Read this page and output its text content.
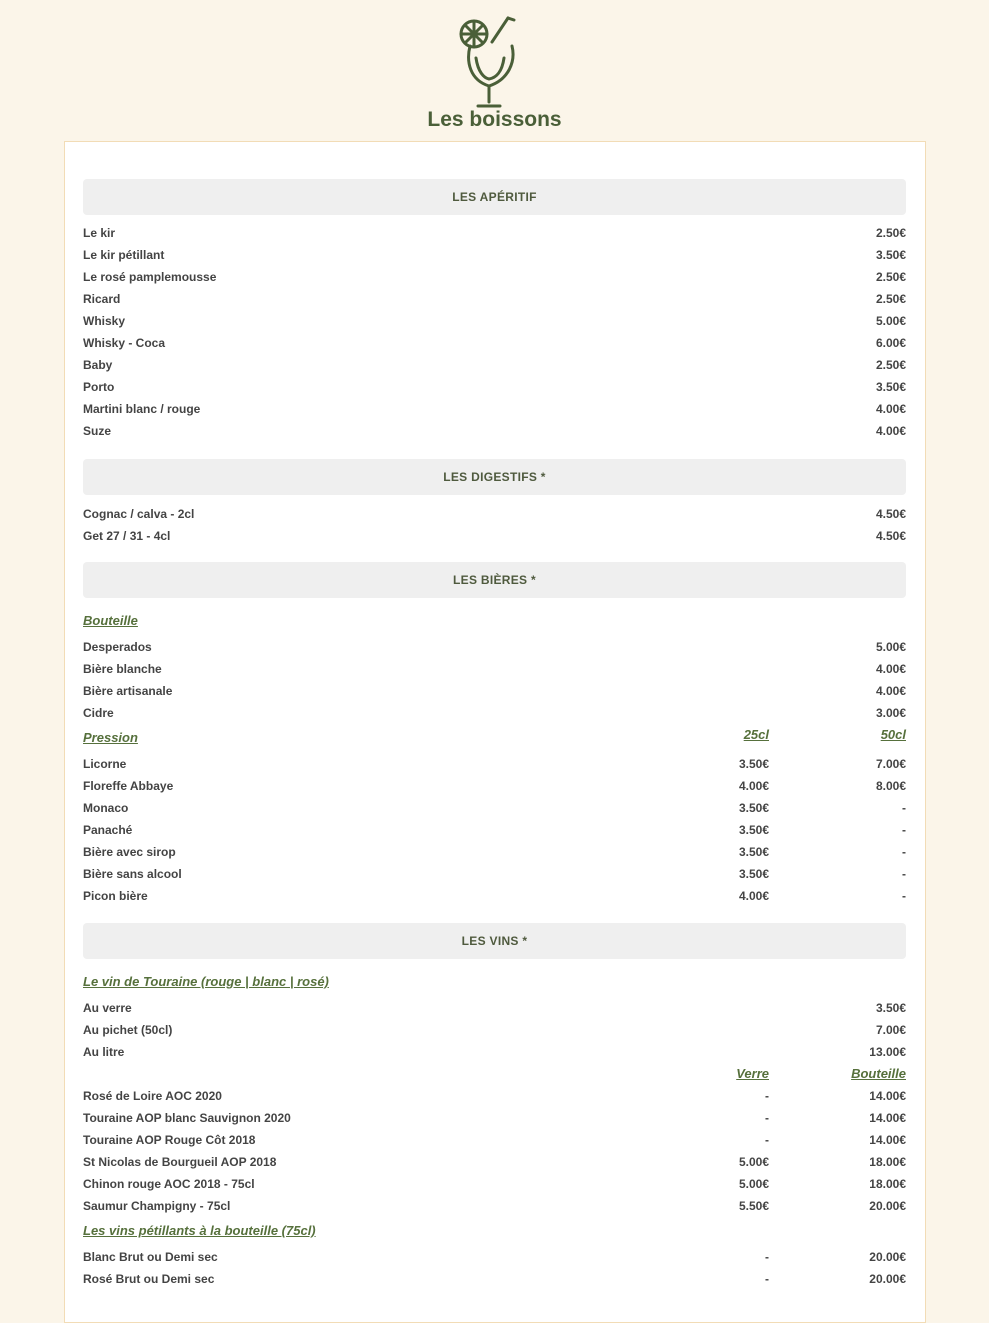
Les boissons
LES APÉRITIF
Le kir	2.50€
Le kir pétillant	3.50€
Le rosé pamplemousse	2.50€
Ricard	2.50€
Whisky	5.00€
Whisky - Coca	6.00€
Baby	2.50€
Porto	3.50€
Martini blanc / rouge	4.00€
Suze	4.00€
LES DIGESTIFS *
Cognac / calva - 2cl	4.50€
Get 27 / 31 - 4cl	4.50€
LES BIÈRES *
Bouteille
Desperados	5.00€
Bière blanche	4.00€
Bière artisanale	4.00€
Cidre	3.00€
Pression	25cl	50cl
Licorne	3.50€	7.00€
Floreffe Abbaye	4.00€	8.00€
Monaco	3.50€	-
Panaché	3.50€	-
Bière avec sirop	3.50€	-
Bière sans alcool	3.50€	-
Picon bière	4.00€	-
LES VINS *
Le vin de Touraine (rouge | blanc | rosé)
Au verre	3.50€
Au pichet (50cl)	7.00€
Au litre	13.00€
Verre	Bouteille
Rosé de Loire AOC 2020	-	14.00€
Touraine AOP blanc Sauvignon 2020	-	14.00€
Touraine AOP Rouge Côt 2018	-	14.00€
St Nicolas de Bourgueil AOP 2018	5.00€	18.00€
Chinon rouge AOC 2018 - 75cl	5.00€	18.00€
Saumur Champigny - 75cl	5.50€	20.00€
Les vins pétillants à la bouteille (75cl)
Blanc Brut ou Demi sec	-	20.00€
Rosé Brut ou Demi sec	-	20.00€
